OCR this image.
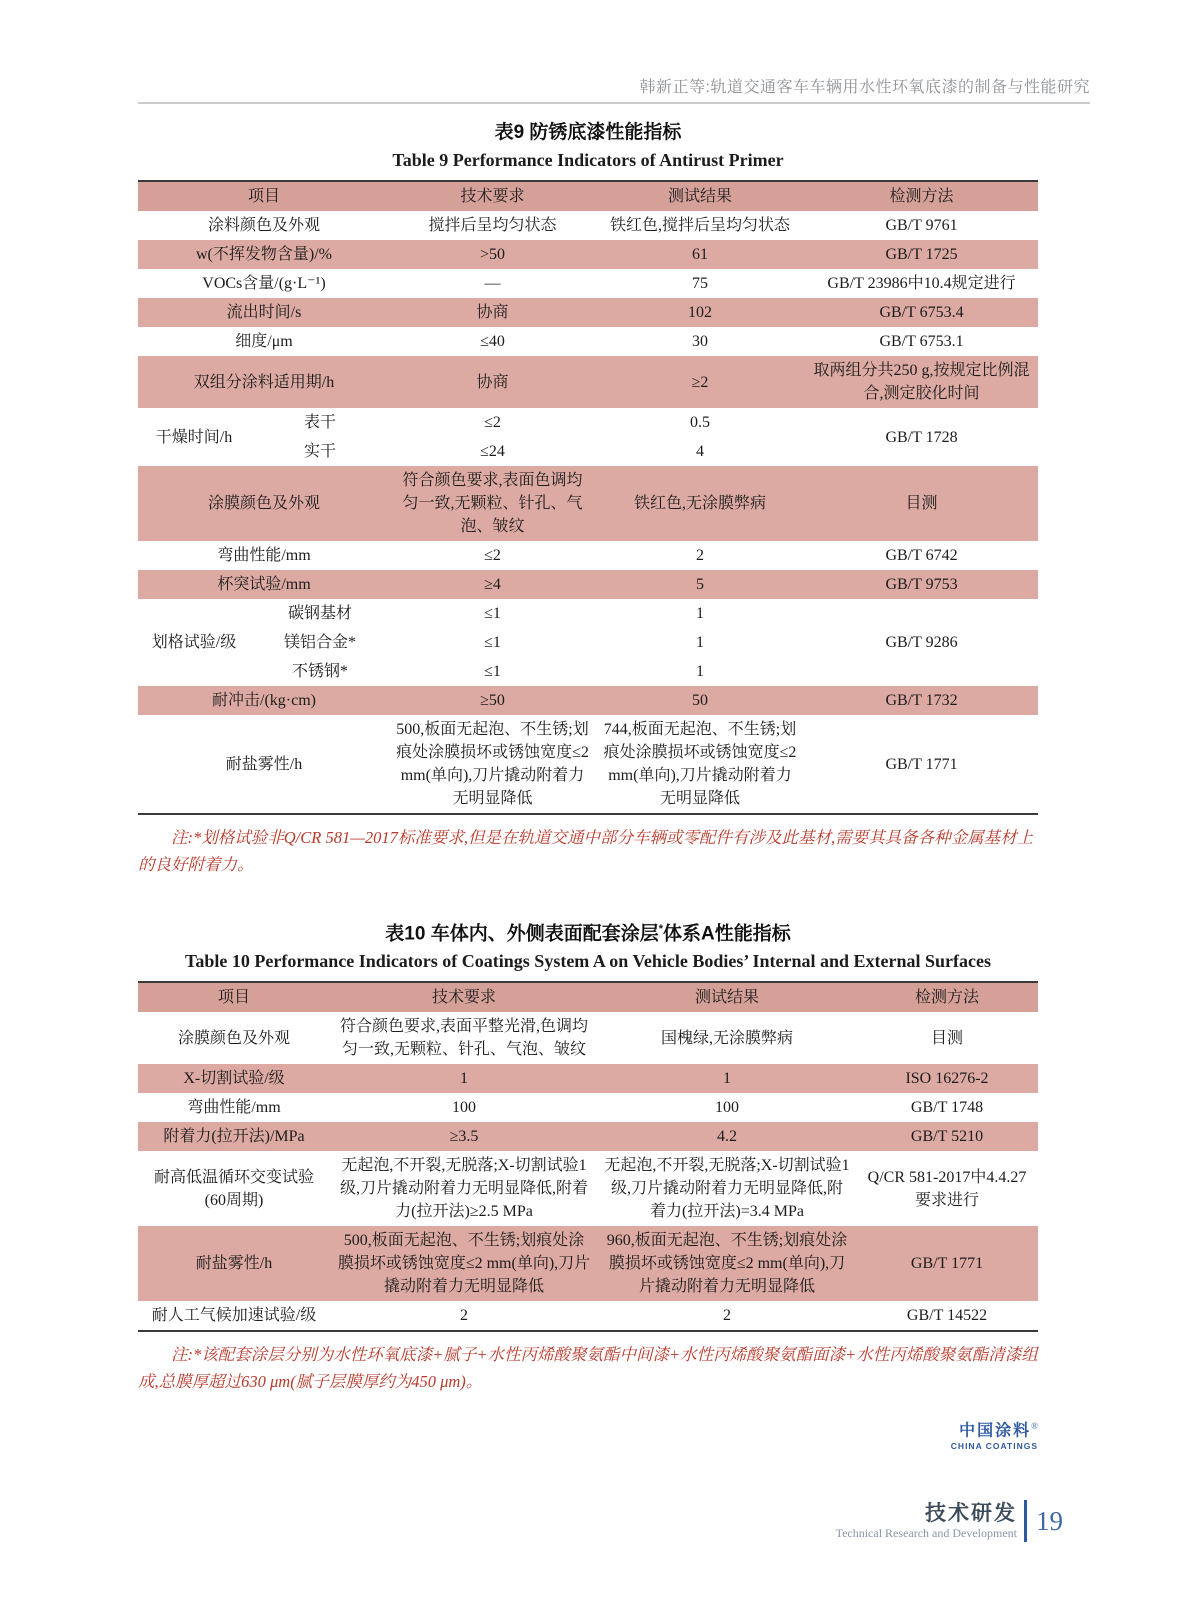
韩新正等:轨道交通客车车辆用水性环氧底漆的制备与性能研究
表9 防锈底漆性能指标
Table 9 Performance Indicators of Antirust Primer
项目		技术要求	测试结果	检测方法
涂料颜色及外观		搅拌后呈均匀状态	铁红色,搅拌后呈均匀状态	GB/T 9761
w(不挥发物含量)/%		>50	61	GB/T 1725
VOCs含量/(g·L⁻¹)		—	75	GB/T 23986中10.4规定进行
流出时间/s		协商	102	GB/T 6753.4
细度/μm		≤40	30	GB/T 6753.1
双组分涂料适用期/h		协商	≥2	取两组分共250 g,按规定比例混合,测定胶化时间
干燥时间/h	表干	≤2	0.5	GB/T 1728
	实干	≤24	4	
涂膜颜色及外观		符合颜色要求,表面色调均匀一致,无颗粒、针孔、气泡、皱纹	铁红色,无涂膜弊病	目测
弯曲性能/mm		≤2	2	GB/T 6742
杯突试验/mm		≥4	5	GB/T 9753
划格试验/级	碳钢基材	≤1	1	GB/T 9286
	镁铝合金*	≤1	1	
	不锈钢*	≤1	1	
耐冲击/(kg·cm)		≥50	50	GB/T 1732
耐盐雾性/h		500,板面无起泡、不生锈;划痕处涂膜损坏或锈蚀宽度≤2 mm(单向),刀片撬动附着力无明显降低	744,板面无起泡、不生锈;划痕处涂膜损坏或锈蚀宽度≤2 mm(单向),刀片撬动附着力无明显降低	GB/T 1771
注:*划格试验非Q/CR 581—2017标准要求,但是在轨道交通中部分车辆或零配件有涉及此基材,需要其具备各种金属基材上的良好附着力。
表10 车体内、外侧表面配套涂层*体系A性能指标
Table 10 Performance Indicators of Coatings System A on Vehicle Bodies’ Internal and External Surfaces
项目	技术要求	测试结果	检测方法
涂膜颜色及外观	符合颜色要求,表面平整光滑,色调均匀一致,无颗粒、针孔、气泡、皱纹	国槐绿,无涂膜弊病	目测
X-切割试验/级	1	1	ISO 16276-2
弯曲性能/mm	100	100	GB/T 1748
附着力(拉开法)/MPa	≥3.5	4.2	GB/T 5210
耐高低温循环交变试验(60周期)	无起泡,不开裂,无脱落;X-切割试验1级,刀片撬动附着力无明显降低,附着力(拉开法)≥2.5 MPa	无起泡,不开裂,无脱落;X-切割试验1级,刀片撬动附着力无明显降低,附着力(拉开法)=3.4 MPa	Q/CR 581-2017中4.4.27要求进行
耐盐雾性/h	500,板面无起泡、不生锈;划痕处涂膜损坏或锈蚀宽度≤2 mm(单向),刀片撬动附着力无明显降低	960,板面无起泡、不生锈;划痕处涂膜损坏或锈蚀宽度≤2 mm(单向),刀片撬动附着力无明显降低	GB/T 1771
耐人工气候加速试验/级	2	2	GB/T 14522
注:*该配套涂层分别为水性环氧底漆+腻子+水性丙烯酸聚氨酯中间漆+水性丙烯酸聚氨酯面漆+水性丙烯酸聚氨酯清漆组成,总膜厚超过630 μm(腻子层膜厚约为450 μm)。
中国涂料®
CHINA COATINGS
技术研发
Technical Research and Development 19
